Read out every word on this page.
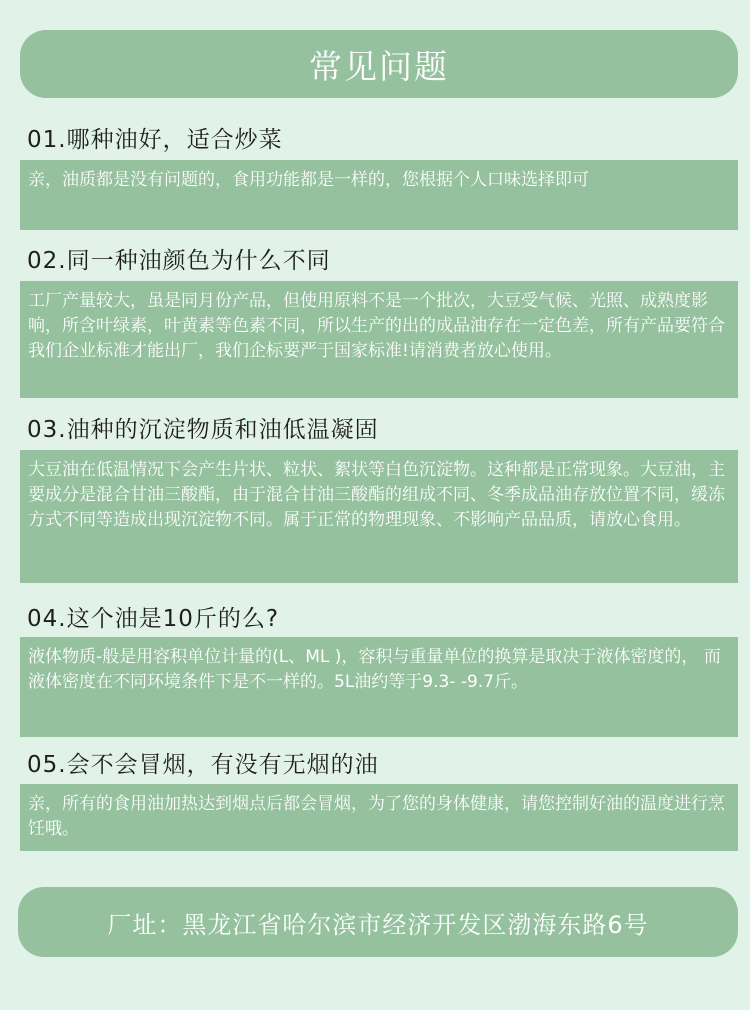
常见问题
01.哪种油好，适合炒菜
亲，油质都是没有问题的，食用功能都是一样的，您根据个人口味选择即可
02.同一种油颜色为什么不同
工厂产量较大，虽是同月份产品，但使用原料不是一个批次，大豆受气候、光照、成熟度影响，所含叶绿素，叶黄素等色素不同，所以生产的出的成品油存在一定色差，所有产品要符合我们企业标准才能出厂，我们企标要严于国家标准!请消费者放心使用。
03.油种的沉淀物质和油低温凝固
大豆油在低温情况下会产生片状、粒状、絮状等白色沉淀物。这种都是正常现象。大豆油，主要成分是混合甘油三酸酯，由于混合甘油三酸酯的组成不同、冬季成品油存放位置不同，缓冻方式不同等造成出现沉淀物不同。属于正常的物理现象、不影响产品品质，请放心食用。
04.这个油是10斤的么?
液体物质-般是用容积单位计量的(L、ML )，容积与重量单位的换算是取决于液体密度的， 而液体密度在不同环境条件下是不一样的。5L油约等于9.3- -9.7斤。
05.会不会冒烟，有没有无烟的油
亲，所有的食用油加热达到烟点后都会冒烟，为了您的身体健康，请您控制好油的温度进行烹饪哦。
厂址：黑龙江省哈尔滨市经济开发区渤海东路6号
